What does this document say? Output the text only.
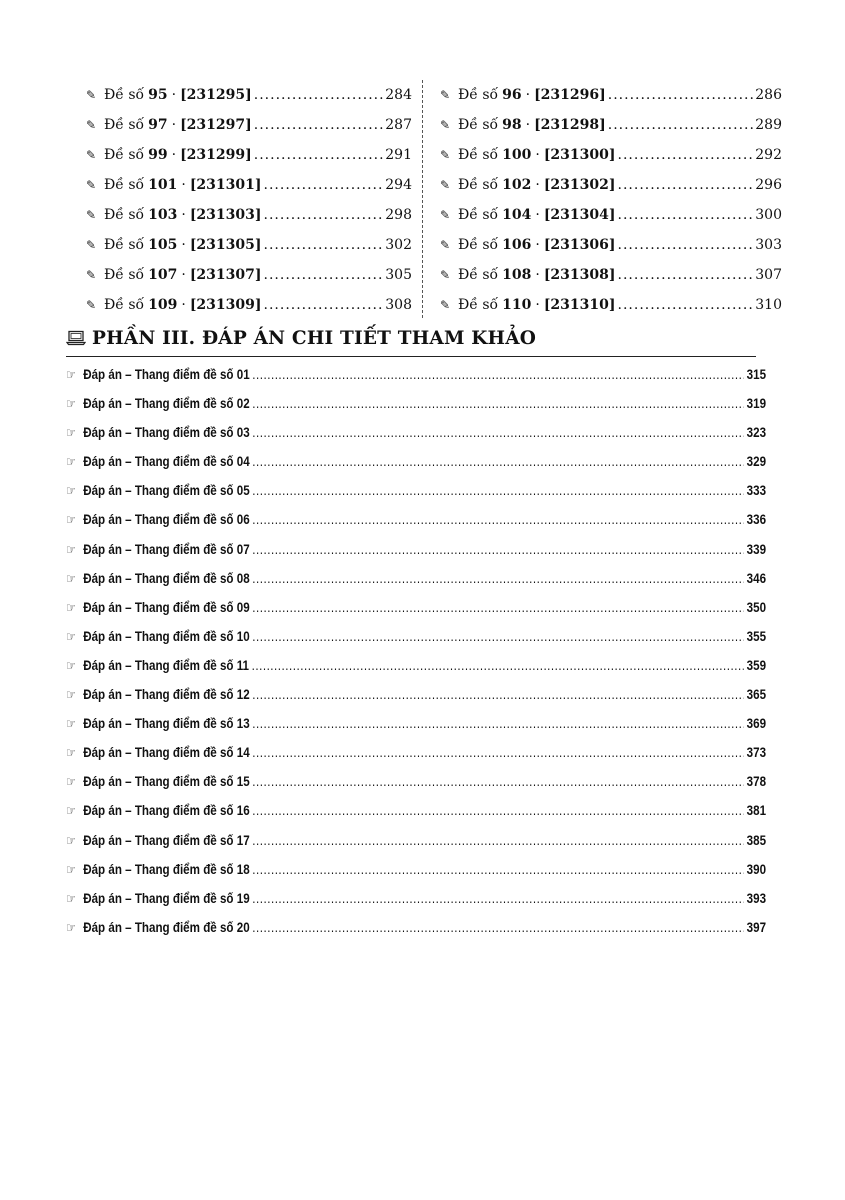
✎ Đề số 95 · [231295] .....	284
✎ Đề số 97 · [231297] .....	287
✎ Đề số 99 · [231299] .....	291
✎ Đề số 101 · [231301] .....	294
✎ Đề số 103 · [231303] .....	298
✎ Đề số 105 · [231305] .....	302
✎ Đề số 107 · [231307] .....	305
✎ Đề số 109 · [231309] .....	308
✎ Đề số 96 · [231296] .....	286
✎ Đề số 98 · [231298] .....	289
✎ Đề số 100 · [231300] .....	292
✎ Đề số 102 · [231302] .....	296
✎ Đề số 104 · [231304] .....	300
✎ Đề số 106 · [231306] .....	303
✎ Đề số 108 · [231308] .....	307
✎ Đề số 110 · [231310] .....	310
PHẦN III. ĐÁP ÁN CHI TIẾT THAM KHẢO
☞ Đáp án – Thang điểm đề số 01 .....	315
☞ Đáp án – Thang điểm đề số 02 .....	319
☞ Đáp án – Thang điểm đề số 03 .....	323
☞ Đáp án – Thang điểm đề số 04 .....	329
☞ Đáp án – Thang điểm đề số 05 .....	333
☞ Đáp án – Thang điểm đề số 06 .....	336
☞ Đáp án – Thang điểm đề số 07 .....	339
☞ Đáp án – Thang điểm đề số 08 .....	346
☞ Đáp án – Thang điểm đề số 09 .....	350
☞ Đáp án – Thang điểm đề số 10 .....	355
☞ Đáp án – Thang điểm đề số 11 .....	359
☞ Đáp án – Thang điểm đề số 12 .....	365
☞ Đáp án – Thang điểm đề số 13 .....	369
☞ Đáp án – Thang điểm đề số 14 .....	373
☞ Đáp án – Thang điểm đề số 15 .....	378
☞ Đáp án – Thang điểm đề số 16 .....	381
☞ Đáp án – Thang điểm đề số 17 .....	385
☞ Đáp án – Thang điểm đề số 18 .....	390
☞ Đáp án – Thang điểm đề số 19 .....	393
☞ Đáp án – Thang điểm đề số 20 .....	397
